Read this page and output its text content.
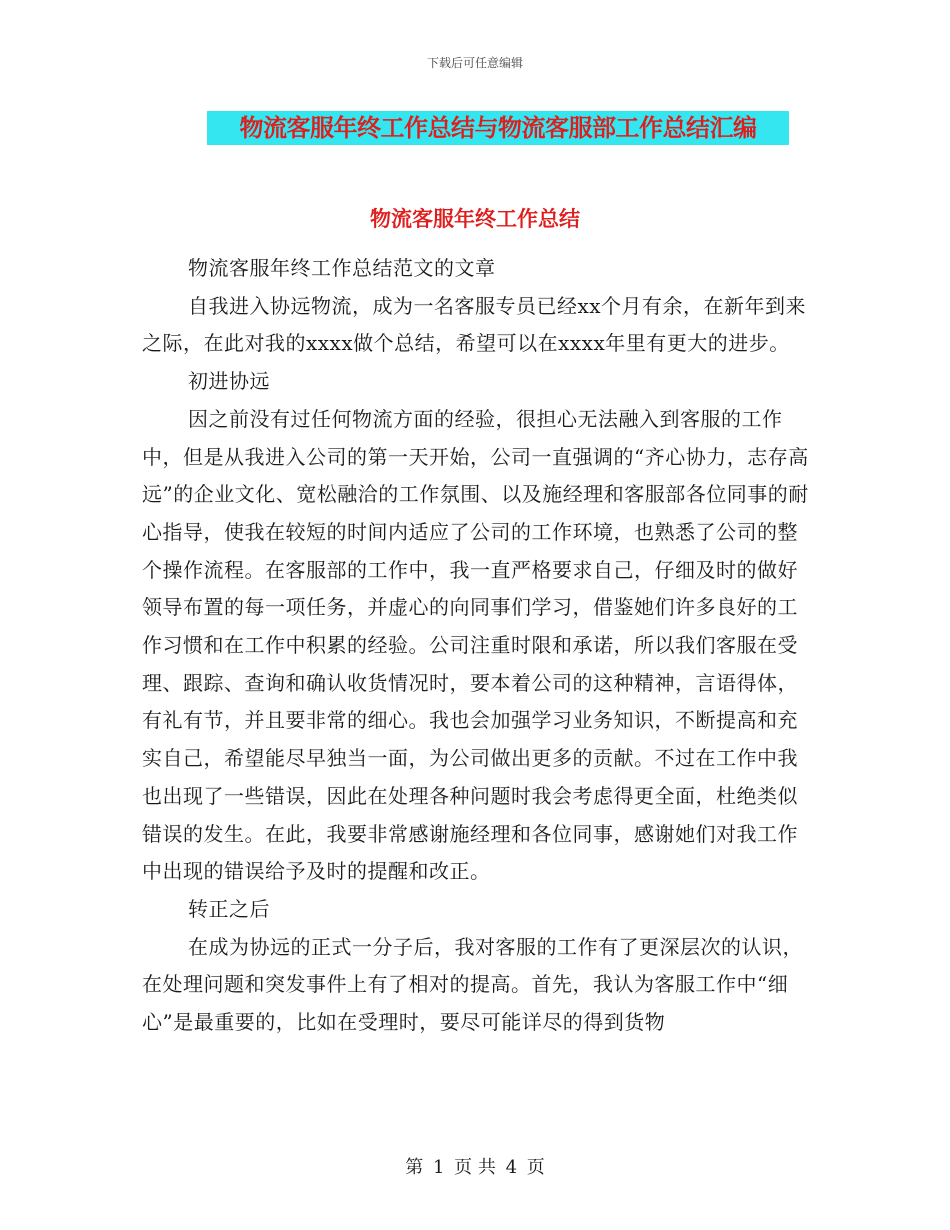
下载后可任意编辑
物流客服年终工作总结与物流客服部工作总结汇编
物流客服年终工作总结

物流客服年终工作总结范文的文章

自我进入协远物流，成为一名客服专员已经xx个月有余，在新年到来之际，在此对我的xxxx做个总结，希望可以在xxxx年里有更大的进步。

初进协远

因之前没有过任何物流方面的经验，很担心无法融入到客服的工作中，但是从我进入公司的第一天开始，公司一直强调的“齐心协力，志存高远”的企业文化、宽松融洽的工作氛围、以及施经理和客服部各位同事的耐心指导，使我在较短的时间内适应了公司的工作环境，也熟悉了公司的整个操作流程。在客服部的工作中，我一直严格要求自己，仔细及时的做好领导布置的每一项任务，并虚心的向同事们学习，借鉴她们许多良好的工作习惯和在工作中积累的经验。公司注重时限和承诺，所以我们客服在受理、跟踪、查询和确认收货情况时，要本着公司的这种精神，言语得体，有礼有节，并且要非常的细心。我也会加强学习业务知识，不断提高和充实自己，希望能尽早独当一面，为公司做出更多的贡献。不过在工作中我也出现了一些错误，因此在处理各种问题时我会考虑得更全面，杜绝类似错误的发生。在此，我要非常感谢施经理和各位同事，感谢她们对我工作中出现的错误给予及时的提醒和改正。

转正之后

在成为协远的正式一分子后，我对客服的工作有了更深层次的认识，在处理问题和突发事件上有了相对的提高。首先，我认为客服工作中“细心”是最重要的，比如在受理时，要尽可能详尽的得到货物

第 1 页 共 4 页
